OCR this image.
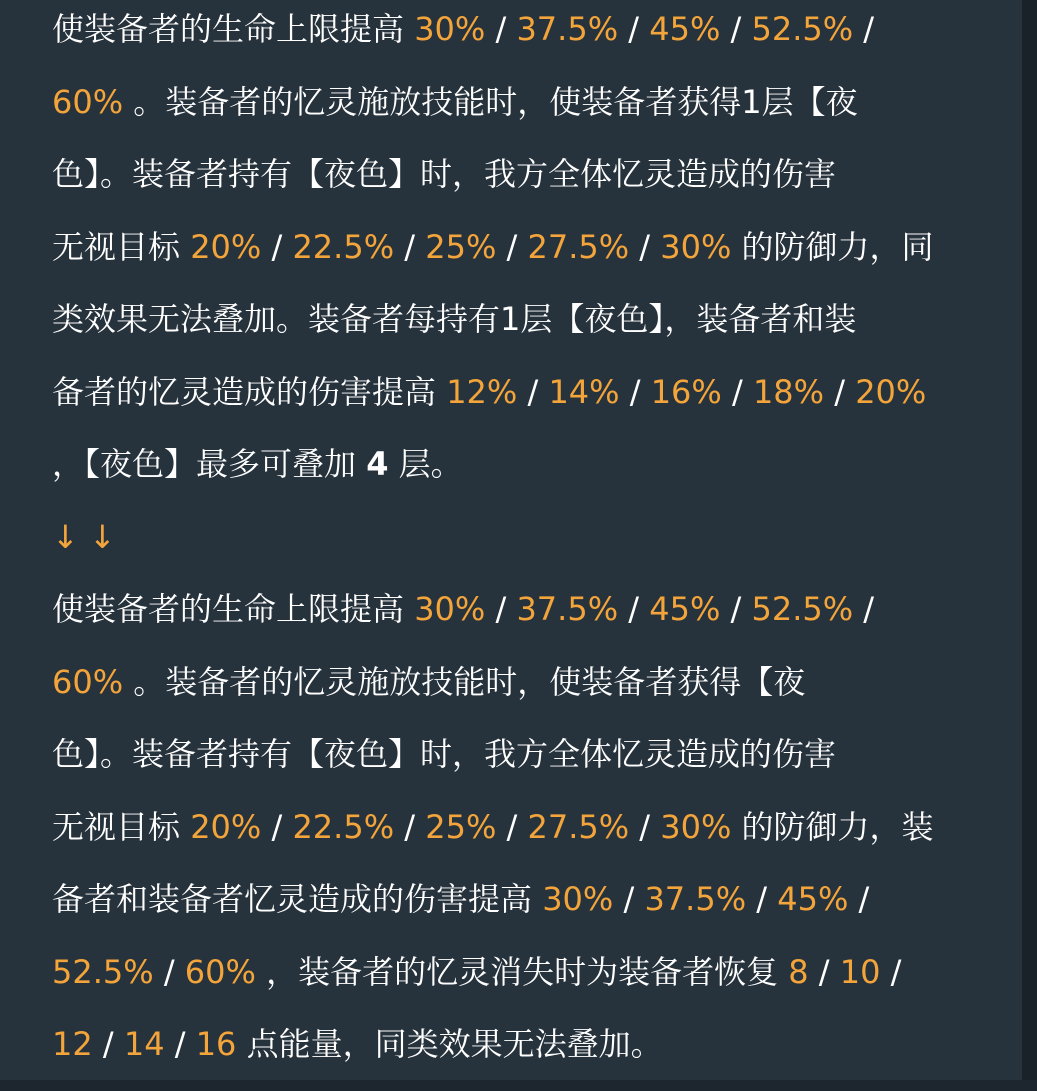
使装备者的生命上限提高 30% / 37.5% / 45% / 52.5% /
60% 。装备者的忆灵施放技能时，使装备者获得1层【夜
色】。装备者持有【夜色】时，我方全体忆灵造成的伤害
无视目标 20% / 22.5% / 25% / 27.5% / 30% 的防御力，同
类效果无法叠加。装备者每持有1层【夜色】，装备者和装
备者的忆灵造成的伤害提高 12% / 14% / 16% / 18% / 20%
，【夜色】最多可叠加 4 层。
↓ ↓
使装备者的生命上限提高 30% / 37.5% / 45% / 52.5% /
60% 。装备者的忆灵施放技能时，使装备者获得【夜
色】。装备者持有【夜色】时，我方全体忆灵造成的伤害
无视目标 20% / 22.5% / 25% / 27.5% / 30% 的防御力，装
备者和装备者忆灵造成的伤害提高 30% / 37.5% / 45% /
52.5% / 60% ，装备者的忆灵消失时为装备者恢复 8 / 10 /
12 / 14 / 16 点能量，同类效果无法叠加。
